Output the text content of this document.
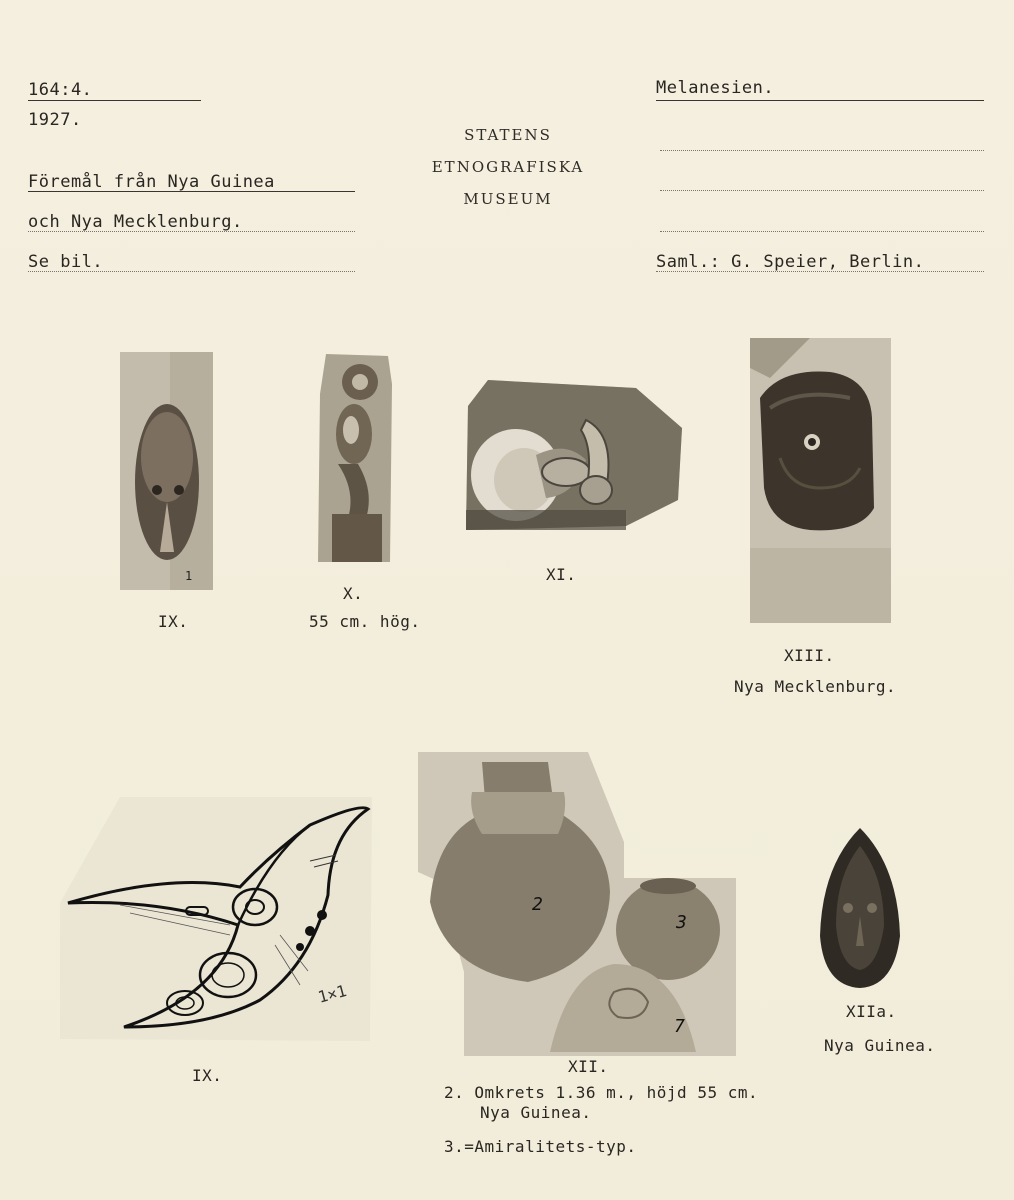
164:4.
1927.
Föremål från Nya Guinea
och Nya Mecklenburg.
Se bil.
STATENS
ETNOGRAFISKA
MUSEUM
Melanesien.
Saml.: G. Speier, Berlin.
1
IX.
X.
55 cm. hög.
XI.
XIII.
Nya Mecklenburg.
1×1
IX.
2
3
7
XII.
2. Omkrets 1.36 m., höjd 55 cm.
Nya Guinea.
3.=Amiralitets-typ.
XIIa.
Nya Guinea.
